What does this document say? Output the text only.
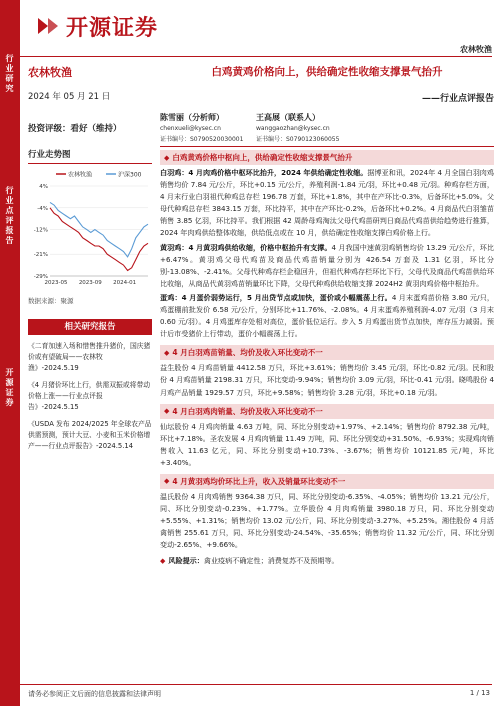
行业研究
行业点评报告
开源证券
开源证券
农林牧渔
农林牧渔
2024 年 05 月 21 日
投资评级：看好（维持）
行业走势图
农林牧渔	沪深300
4%
-4%
-12%
-21%
-29%
2023-05 2023-09 2024-01
数据来源：聚源
相关研究报告
《二育加速入场和惜售推升猪价，国庆猪价或有望破局——农林牧渔》-2024.5.19
《4 月猪价环比上行，供需双振或将带动价格上涨——行业点评报告》-2024.5.15
《USDA 发布 2024/2025 年全球农产品供需预测，预计大豆、小麦和玉米价格增产——行业点评报告》-2024.5.14
白鸡黄鸡价格向上，供给确定性收缩支撑景气抬升
——行业点评报告
陈雪丽（分析师）
chenxueli@kysec.cn
证书编号：S0790520030001
王高展（联系人）
wanggaozhan@kysec.cn
证书编号：S0790123060055
◆ 白鸡黄鸡价格中枢向上，供给确定性收缩支撑景气抬升
白羽鸡：4 月肉鸡价格中枢环比抬升，2024 年供给确定性收缩。据博亚和讯，2024年 4 月全国白羽肉鸡销售均价 7.84 元/公斤，环比+0.15 元/公斤，养殖利润-1.84 元/羽，环比+0.48 元/羽。种鸡存栏方面，4 月末行业白羽祖代种鸡总存栏 196.78 万套，环比+1.8%，其中在产环比-0.3%，后备环比+5.0%。父母代种鸡总存栏 3843.15 万套，环比持平，其中在产环比-0.2%，后备环比+0.2%。4 月商品代白羽雏苗销售 3.85 亿羽，环比持平。我们根据 42 周龄母鸡淘汰父母代鸡苗研判日商品代鸡苗供给趋势进行推算，2024 年肉鸡供给整体收缩，供给低点或在 10 月，供给确定性收缩支撑白鸡价格上行。
黄羽鸡：4 月黄羽鸡供给收缩，价格中枢抬升有支撑。4 月我国中速黄羽鸡销售均价 13.29 元/公斤，环比+6.47%。黄羽鸡父母代鸡苗及商品代鸡苗销量分别为 426.54 万套及 1.31 亿羽，环比分别-13.08%、-2.41%。父母代种鸡存栏企稳回升，但祖代种鸡存栏环比下行，父母代及商品代鸡苗供给环比收缩，从商品代黄羽鸡苗销量环比下降，父母代种鸡供给收缩支撑 2024H2 黄羽肉鸡价格中枢抬升。
蛋鸡：4 月蛋价弱势运行，5 月出贷节点或加快，蛋价或小幅震荡上行。4 月末蛋鸡苗价格 3.80 元/只，鸡蛋棚前批发价 6.58 元/公斤，分别环比+11.76%、-2.08%。4 月末蛋鸡养殖利润-4.07 元/羽（3 月末 0.60 元/羽）。4 月鸡蛋库存处相对高位，蛋价低位运行。步入 5 月鸡蛋出货节点加快，库存压力减弱。预计后市受猪价上行带动，蛋价小幅震荡上行。
◆ 4 月白羽鸡苗销量、均价及收入环比变动不一
益生股份 4 月鸡苗销量 4412.58 万只，环比+3.61%；销售均价 3.45 元/羽，环比-0.82 元/羽。民和股份 4 月鸡苗销量 2198.31 万只，环比变动-9.94%；销售均价 3.09 元/羽，环比-0.41 元/羽。晓鸣股份 4 月鸡产品销量 1929.57 万只，环比+9.58%；销售均价 3.28 元/羽，环比+0.18 元/羽。
◆ 4 月白羽鸡肉销量、均价及收入环比变动不一
仙坛股份 4 月鸡肉销量 4.63 万吨，同、环比分别变动+1.97%、+2.14%；销售均价 8792.38 元/吨，环比+7.18%。圣农发展 4 月鸡肉销量 11.49 万吨，同、环比分别变动+31.50%、-6.93%；实现鸡肉销售收入 11.63 亿元，同、环比分别变动+10.73%、-3.67%；销售均价 10121.85 元/吨，环比+3.40%。
◆ 4 月黄羽鸡均价环比上升，收入及销量环比变动不一
温氏股份 4 月肉鸡销售 9364.38 万只，同、环比分别变动-6.35%、-4.05%；销售均价 13.21 元/公斤，同、环比分别变动-0.23%、+1.77%。立华股份 4 月肉鸡销量 3980.18 万只，同、环比分别变动+5.55%、+1.31%；销售均价 13.02 元/公斤，同、环比分别变动-3.27%、+5.25%。湘佳股份 4 月活禽销售 255.61 万只，同、环比分别变动-24.54%、-35.65%；销售均价 11.32 元/公斤，同、环比分别变动-2.65%、+9.66%。
◆ 风险提示：禽业疫病不确定性；消费复苏不及预期等。
请务必参阅正文后面的信息披露和法律声明	1 / 13
